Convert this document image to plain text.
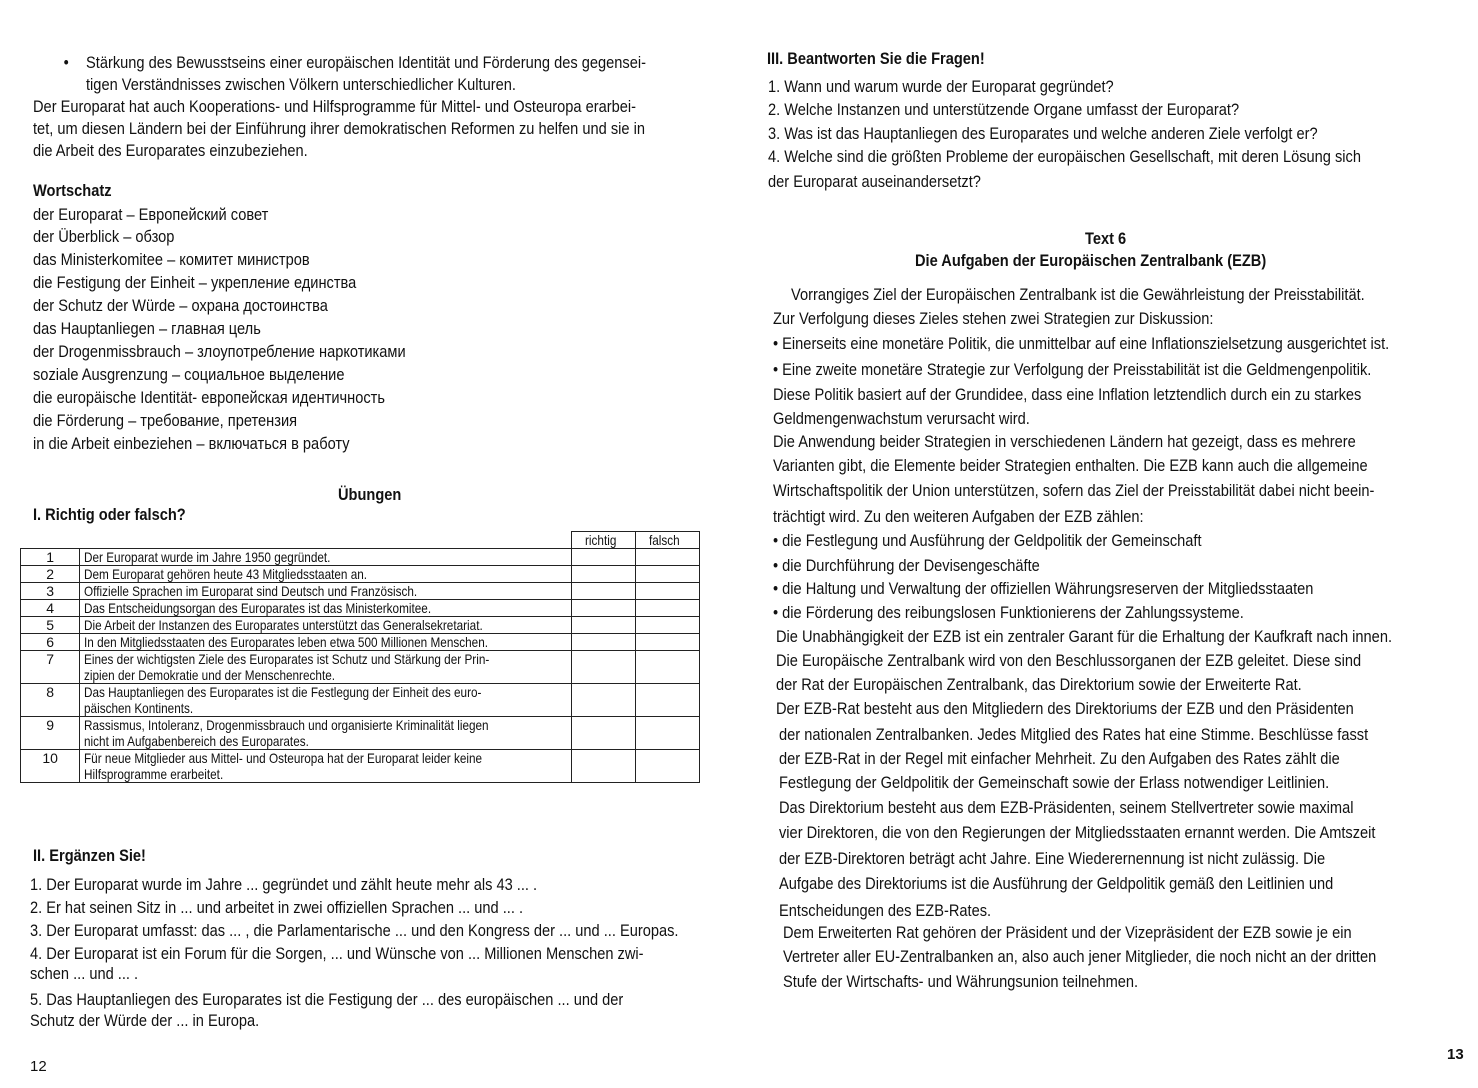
• Stärkung des Bewusstseins einer europäischen Identität und Förderung des gegensei-
tigen Verständnisses zwischen Völkern unterschiedlicher Kulturen.
Der Europarat hat auch Kooperations- und Hilfsprogramme für Mittel- und Osteuropa erarbei-
tet, um diesen Ländern bei der Einführung ihrer demokratischen Reformen zu helfen und sie in
die Arbeit des Europarates einzubeziehen.
Wortschatz
der Europarat – Европейский совет
der Überblick – обзор
das Ministerkomitee – комитет министров
die Festigung der Einheit – укрепление единства
der Schutz der Würde – охрана достоинства
das Hauptanliegen – главная цель
der Drogenmissbrauch – злоупотребление наркотиками
soziale Ausgrenzung – социальное выделение
die europäische Identität- европейская идентичность
die Förderung – требование, претензия
in die Arbeit einbeziehen – включаться в работу
Übungen
I. Richtig oder falsch?
		richtig	falsch
1	Der Europarat wurde im Jahre 1950 gegründet.		
2	Dem Europarat gehören heute 43 Mitgliedsstaaten an.		
3	Offizielle Sprachen im Europarat sind Deutsch und Französisch.		
4	Das Entscheidungsorgan des Europarates ist das Ministerkomitee.		
5	Die Arbeit der Instanzen des Europarates unterstützt das Generalsekretariat.		
6	In den Mitgliedsstaaten des Europarates leben etwa 500 Millionen Menschen.		
7	Eines der wichtigsten Ziele des Europarates ist Schutz und Stärkung der Prin-
zipien der Demokratie und der Menschenrechte.		
8	Das Hauptanliegen des Europarates ist die Festlegung der Einheit des euro-
päischen Kontinents.		
9	Rassismus, Intoleranz, Drogenmissbrauch und organisierte Kriminalität liegen
nicht im Aufgabenbereich des Europarates.		
10	Für neue Mitglieder aus Mittel- und Osteuropa hat der Europarat leider keine
Hilfsprogramme erarbeitet.		
II. Ergänzen Sie!
1. Der Europarat wurde im Jahre ... gegründet und zählt heute mehr als 43 ... .
2. Er hat seinen Sitz in ... und arbeitet in zwei offiziellen Sprachen ... und ... .
3. Der Europarat umfasst: das ... , die Parlamentarische ... und den Kongress der ... und ... Europas.
4. Der Europarat ist ein Forum für die Sorgen, ... und Wünsche von ... Millionen Menschen zwi-
schen ... und ... .
5. Das Hauptanliegen des Europarates ist die Festigung der ... des europäischen ... und der
Schutz der Würde der ... in Europa.
12
III. Beantworten Sie die Fragen!
1. Wann und warum wurde der Europarat gegründet?
2. Welche Instanzen und unterstützende Organe umfasst der Europarat?
3. Was ist das Hauptanliegen des Europarates und welche anderen Ziele verfolgt er?
4. Welche sind die größten Probleme der europäischen Gesellschaft, mit deren Lösung sich
der Europarat auseinandersetzt?
Text 6
Die Aufgaben der Europäischen Zentralbank (EZB)
Vorrangiges Ziel der Europäischen Zentralbank ist die Gewährleistung der Preisstabilität.
Zur Verfolgung dieses Zieles stehen zwei Strategien zur Diskussion:
• Einerseits eine monetäre Politik, die unmittelbar auf eine Inflationszielsetzung ausgerichtet ist.
• Eine zweite monetäre Strategie zur Verfolgung der Preisstabilität ist die Geldmengenpolitik.
Diese Politik basiert auf der Grundidee, dass eine Inflation letztendlich durch ein zu starkes
Geldmengenwachstum verursacht wird.
Die Anwendung beider Strategien in verschiedenen Ländern hat gezeigt, dass es mehrere
Varianten gibt, die Elemente beider Strategien enthalten. Die EZB kann auch die allgemeine
Wirtschaftspolitik der Union unterstützen, sofern das Ziel der Preisstabilität dabei nicht beein-
trächtigt wird. Zu den weiteren Aufgaben der EZB zählen:
• die Festlegung und Ausführung der Geldpolitik der Gemeinschaft
• die Durchführung der Devisengeschäfte
• die Haltung und Verwaltung der offiziellen Währungsreserven der Mitgliedsstaaten
• die Förderung des reibungslosen Funktionierens der Zahlungssysteme.
Die Unabhängigkeit der EZB ist ein zentraler Garant für die Erhaltung der Kaufkraft nach innen.
Die Europäische Zentralbank wird von den Beschlussorganen der EZB geleitet. Diese sind
der Rat der Europäischen Zentralbank, das Direktorium sowie der Erweiterte Rat.
Der EZB-Rat besteht aus den Mitgliedern des Direktoriums der EZB und den Präsidenten
der nationalen Zentralbanken. Jedes Mitglied des Rates hat eine Stimme. Beschlüsse fasst
der EZB-Rat in der Regel mit einfacher Mehrheit. Zu den Aufgaben des Rates zählt die
Festlegung der Geldpolitik der Gemeinschaft sowie der Erlass notwendiger Leitlinien.
Das Direktorium besteht aus dem EZB-Präsidenten, seinem Stellvertreter sowie maximal
vier Direktoren, die von den Regierungen der Mitgliedsstaaten ernannt werden. Die Amtszeit
der EZB-Direktoren beträgt acht Jahre. Eine Wiederernennung ist nicht zulässig. Die
Aufgabe des Direktoriums ist die Ausführung der Geldpolitik gemäß den Leitlinien und
Entscheidungen des EZB-Rates.
Dem Erweiterten Rat gehören der Präsident und der Vizepräsident der EZB sowie je ein
Vertreter aller EU-Zentralbanken an, also auch jener Mitglieder, die noch nicht an der dritten
Stufe der Wirtschafts- und Währungsunion teilnehmen.
13
